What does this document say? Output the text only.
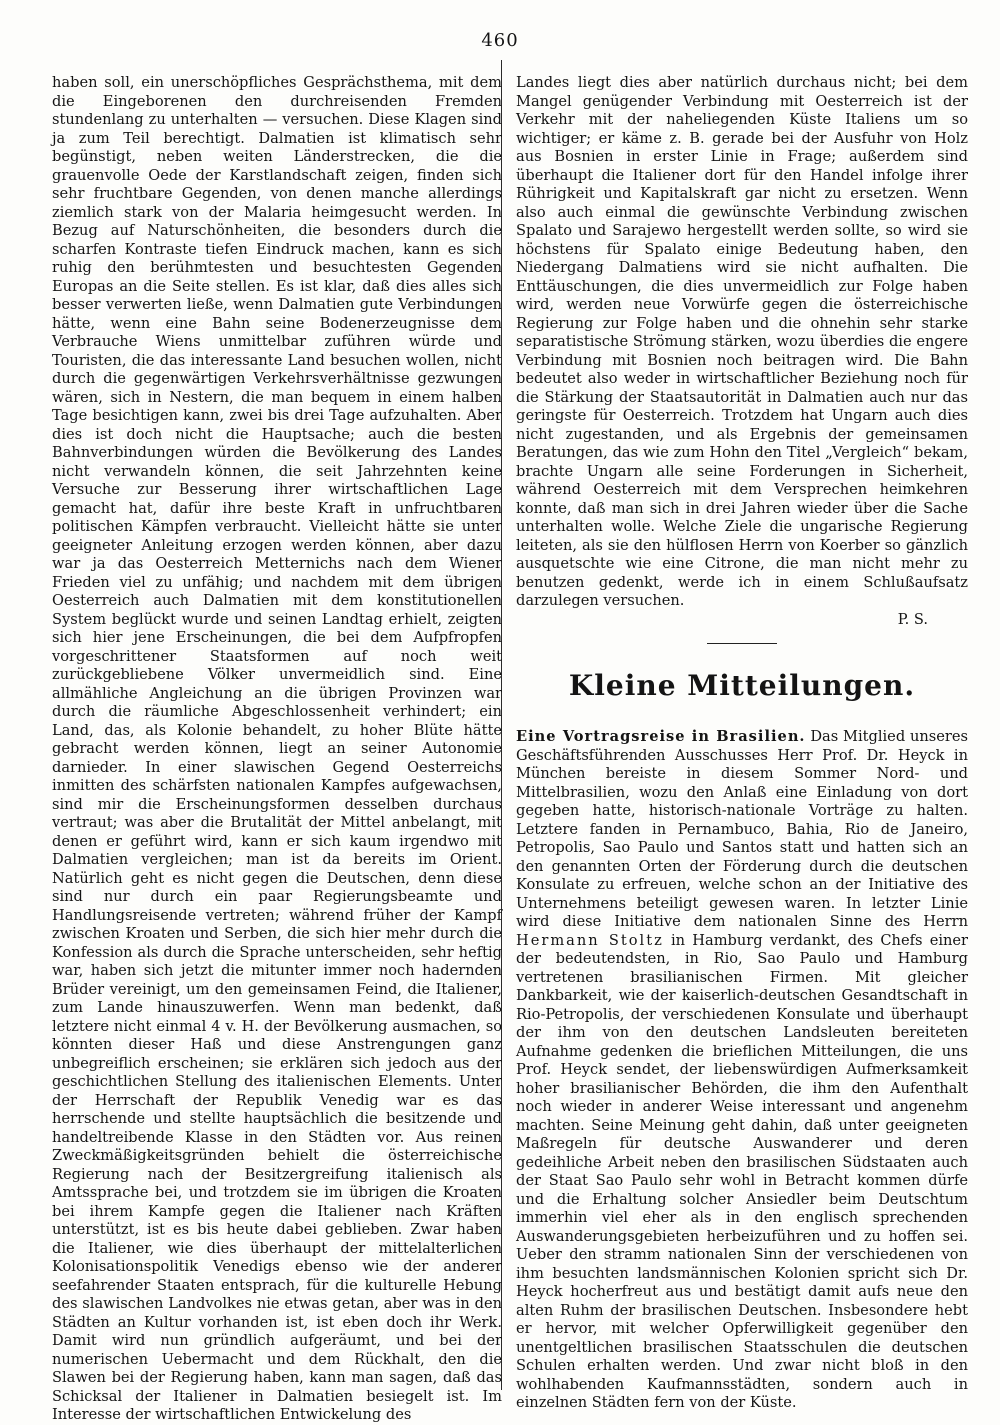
460

haben soll, ein unerschöpfliches Gesprächsthema, mit dem die Eingeborenen den durchreisenden Fremden stundenlang zu unterhalten — versuchen. Diese Klagen sind ja zum Teil berechtigt. Dalmatien ist klimatisch sehr begünstigt, neben weiten Länderstrecken, die die grauenvolle Oede der Karstlandschaft zeigen, finden sich sehr fruchtbare Gegenden, von denen manche allerdings ziemlich stark von der Malaria heimgesucht werden. In Bezug auf Naturschönheiten, die besonders durch die scharfen Kontraste tiefen Eindruck machen, kann es sich ruhig den berühmtesten und besuchtesten Gegenden Europas an die Seite stellen. Es ist klar, daß dies alles sich besser verwerten ließe, wenn Dalmatien gute Verbindungen hätte, wenn eine Bahn seine Bodenerzeugnisse dem Verbrauche Wiens unmittelbar zuführen würde und Touristen, die das interessante Land besuchen wollen, nicht durch die gegenwärtigen Verkehrsverhältnisse gezwungen wären, sich in Nestern, die man bequem in einem halben Tage besichtigen kann, zwei bis drei Tage aufzuhalten. Aber dies ist doch nicht die Hauptsache; auch die besten Bahnverbindungen würden die Bevölkerung des Landes nicht verwandeln können, die seit Jahrzehnten keine Versuche zur Besserung ihrer wirtschaftlichen Lage gemacht hat, dafür ihre beste Kraft in unfruchtbaren politischen Kämpfen verbraucht. Vielleicht hätte sie unter geeigneter Anleitung erzogen werden können, aber dazu war ja das Oesterreich Metternichs nach dem Wiener Frieden viel zu unfähig; und nachdem mit dem übrigen Oesterreich auch Dalmatien mit dem konstitutionellen System beglückt wurde und seinen Landtag erhielt, zeigten sich hier jene Erscheinungen, die bei dem Aufpfropfen vorgeschrittener Staatsformen auf noch weit zurückgebliebene Völker unvermeidlich sind. Eine allmähliche Angleichung an die übrigen Provinzen war durch die räumliche Abgeschlossenheit verhindert; ein Land, das, als Kolonie behandelt, zu hoher Blüte hätte gebracht werden können, liegt an seiner Autonomie darnieder. In einer slawischen Gegend Oesterreichs inmitten des schärfsten nationalen Kampfes aufgewachsen, sind mir die Erscheinungsformen desselben durchaus vertraut; was aber die Brutalität der Mittel anbelangt, mit denen er geführt wird, kann er sich kaum irgendwo mit Dalmatien vergleichen; man ist da bereits im Orient. Natürlich geht es nicht gegen die Deutschen, denn diese sind nur durch ein paar Regierungsbeamte und Handlungsreisende vertreten; während früher der Kampf zwischen Kroaten und Serben, die sich hier mehr durch die Konfession als durch die Sprache unterscheiden, sehr heftig war, haben sich jetzt die mitunter immer noch hadernden Brüder vereinigt, um den gemeinsamen Feind, die Italiener, zum Lande hinauszuwerfen. Wenn man bedenkt, daß letztere nicht einmal 4 v. H. der Bevölkerung ausmachen, so könnten dieser Haß und diese Anstrengungen ganz unbegreiflich erscheinen; sie erklären sich jedoch aus der geschichtlichen Stellung des italienischen Elements. Unter der Herrschaft der Republik Venedig war es das herrschende und stellte hauptsächlich die besitzende und handeltreibende Klasse in den Städten vor. Aus reinen Zweckmäßigkeitsgründen behielt die österreichische Regierung nach der Besitzergreifung italienisch als Amtssprache bei, und trotzdem sie im übrigen die Kroaten bei ihrem Kampfe gegen die Italiener nach Kräften unterstützt, ist es bis heute dabei geblieben. Zwar haben die Italiener, wie dies überhaupt der mittelalterlichen Kolonisationspolitik Venedigs ebenso wie der anderer seefahrender Staaten entsprach, für die kulturelle Hebung des slawischen Landvolkes nie etwas getan, aber was in den Städten an Kultur vorhanden ist, ist eben doch ihr Werk. Damit wird nun gründlich aufgeräumt, und bei der numerischen Uebermacht und dem Rückhalt, den die Slawen bei der Regierung haben, kann man sagen, daß das Schicksal der Italiener in Dalmatien besiegelt ist. Im Interesse der wirtschaftlichen Entwickelung des

Landes liegt dies aber natürlich durchaus nicht; bei dem Mangel genügender Verbindung mit Oesterreich ist der Verkehr mit der naheliegenden Küste Italiens um so wichtiger; er käme z. B. gerade bei der Ausfuhr von Holz aus Bosnien in erster Linie in Frage; außerdem sind überhaupt die Italiener dort für den Handel infolge ihrer Rührigkeit und Kapitalskraft gar nicht zu ersetzen. Wenn also auch einmal die gewünschte Verbindung zwischen Spalato und Sarajewo hergestellt werden sollte, so wird sie höchstens für Spalato einige Bedeutung haben, den Niedergang Dalmatiens wird sie nicht aufhalten. Die Enttäuschungen, die dies unvermeidlich zur Folge haben wird, werden neue Vorwürfe gegen die österreichische Regierung zur Folge haben und die ohnehin sehr starke separatistische Strömung stärken, wozu überdies die engere Verbindung mit Bosnien noch beitragen wird. Die Bahn bedeutet also weder in wirtschaftlicher Beziehung noch für die Stärkung der Staatsautorität in Dalmatien auch nur das geringste für Oesterreich. Trotzdem hat Ungarn auch dies nicht zugestanden, und als Ergebnis der gemeinsamen Beratungen, das wie zum Hohn den Titel „Vergleich“ bekam, brachte Ungarn alle seine Forderungen in Sicherheit, während Oesterreich mit dem Versprechen heimkehren konnte, daß man sich in drei Jahren wieder über die Sache unterhalten wolle. Welche Ziele die ungarische Regierung leiteten, als sie den hülflosen Herrn von Koerber so gänzlich ausquetschte wie eine Citrone, die man nicht mehr zu benutzen gedenkt, werde ich in einem Schlußaufsatz darzulegen versuchen.
P. S.

Kleine Mitteilungen.

Eine Vortragsreise in Brasilien. Das Mitglied unseres Geschäftsführenden Ausschusses Herr Prof. Dr. Heyck in München bereiste in diesem Sommer Nord- und Mittelbrasilien, wozu den Anlaß eine Einladung von dort gegeben hatte, historisch-nationale Vorträge zu halten. Letztere fanden in Pernambuco, Bahia, Rio de Janeiro, Petropolis, Sao Paulo und Santos statt und hatten sich an den genannten Orten der Förderung durch die deutschen Konsulate zu erfreuen, welche schon an der Initiative des Unternehmens beteiligt gewesen waren. In letzter Linie wird diese Initiative dem nationalen Sinne des Herrn Hermann Stoltz in Hamburg verdankt, des Chefs einer der bedeutendsten, in Rio, Sao Paulo und Hamburg vertretenen brasilianischen Firmen. Mit gleicher Dankbarkeit, wie der kaiserlich-deutschen Gesandtschaft in Rio-Petropolis, der verschiedenen Konsulate und überhaupt der ihm von den deutschen Landsleuten bereiteten Aufnahme gedenken die brieflichen Mitteilungen, die uns Prof. Heyck sendet, der liebenswürdigen Aufmerksamkeit hoher brasilianischer Behörden, die ihm den Aufenthalt noch wieder in anderer Weise interessant und angenehm machten. Seine Meinung geht dahin, daß unter geeigneten Maßregeln für deutsche Auswanderer und deren gedeihliche Arbeit neben den brasilischen Südstaaten auch der Staat Sao Paulo sehr wohl in Betracht kommen dürfe und die Erhaltung solcher Ansiedler beim Deutschtum immerhin viel eher als in den englisch sprechenden Auswanderungsgebieten herbeizuführen und zu hoffen sei. Ueber den stramm nationalen Sinn der verschiedenen von ihm besuchten landsmännischen Kolonien spricht sich Dr. Heyck hocherfreut aus und bestätigt damit aufs neue den alten Ruhm der brasilischen Deutschen. Insbesondere hebt er hervor, mit welcher Opferwilligkeit gegenüber den unentgeltlichen brasilischen Staatsschulen die deutschen Schulen erhalten werden. Und zwar nicht bloß in den wohlhabenden Kaufmannsstädten, sondern auch in einzelnen Städten fern von der Küste.
